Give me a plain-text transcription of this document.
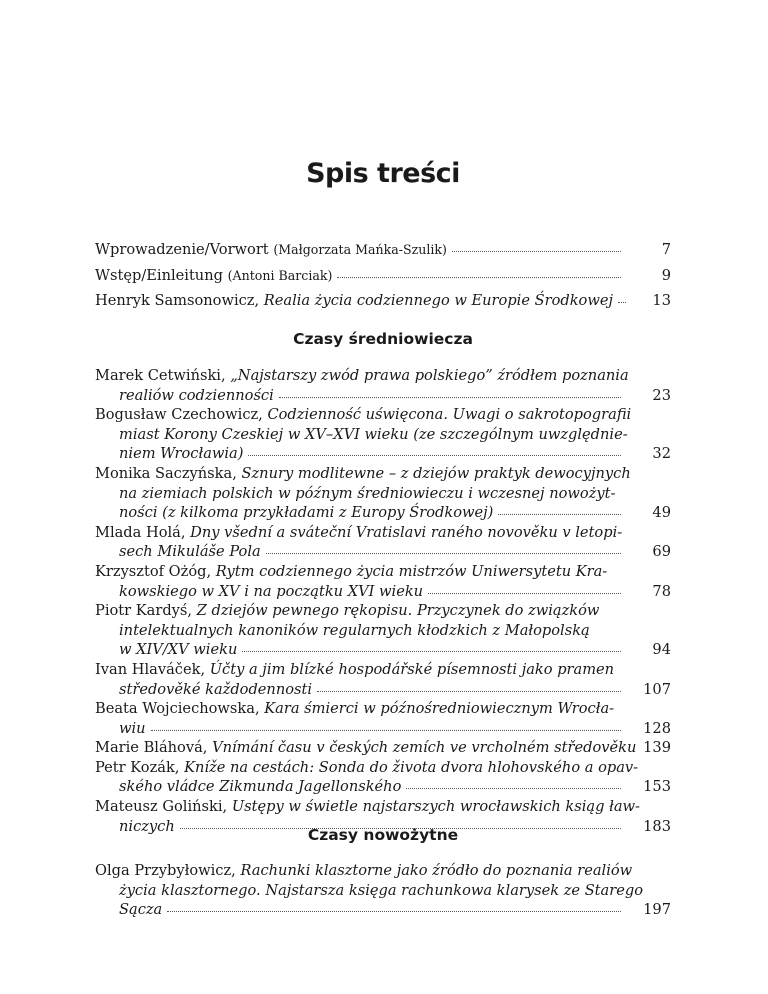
Spis treści
Wprowadzenie/Vorwort (Małgorzata Mańka-Szulik)	7
Wstęp/Einleitung (Antoni Barciak)	9
Henryk Samsonowicz, Realia życia codziennego w Europie Środkowej	13
Czasy średniowiecza
Marek Cetwiński, „Najstarszy zwód prawa polskiego” źródłem poznania
realiów codzienności	23
Bogusław Czechowicz, Codzienność uświęcona. Uwagi o sakrotopografii
miast Korony Czeskiej w XV–XVI wieku (ze szczególnym uwzględnie-
niem Wrocławia)	32
Monika Saczyńska, Sznury modlitewne – z dziejów praktyk dewocyjnych
na ziemiach polskich w późnym średniowieczu i wczesnej nowożyt-
ności (z kilkoma przykładami z Europy Środkowej)	49
Mlada Holá, Dny všední a sváteční Vratislavi raného novověku v letopi-
sech Mikuláše Pola	69
Krzysztof Ożóg, Rytm codziennego życia mistrzów Uniwersytetu Kra-
kowskiego w XV i na początku XVI wieku	78
Piotr Kardyś, Z dziejów pewnego rękopisu. Przyczynek do związków
intelektualnych kanoników regularnych kłodzkich z Małopolską
w XIV/XV wieku	94
Ivan Hlaváček, Účty a jim blízké hospodářské písemnosti jako pramen
středověké každodennosti	107
Beata Wojciechowska, Kara śmierci w późnośredniowiecznym Wrocła-
wiu	128
Marie Bláhová, Vnímání času v českých zemích ve vrcholném středověku 139
Petr Kozák, Kníže na cestách: Sonda do života dvora hlohovského a opav-
ského vládce Zikmunda Jagellonského	153
Mateusz Goliński, Ustępy w świetle najstarszych wrocławskich ksiąg ław-
niczych	183
Czasy nowożytne
Olga Przybyłowicz, Rachunki klasztorne jako źródło do poznania realiów
życia klasztornego. Najstarsza księga rachunkowa klarysek ze Starego
Sącza	197
